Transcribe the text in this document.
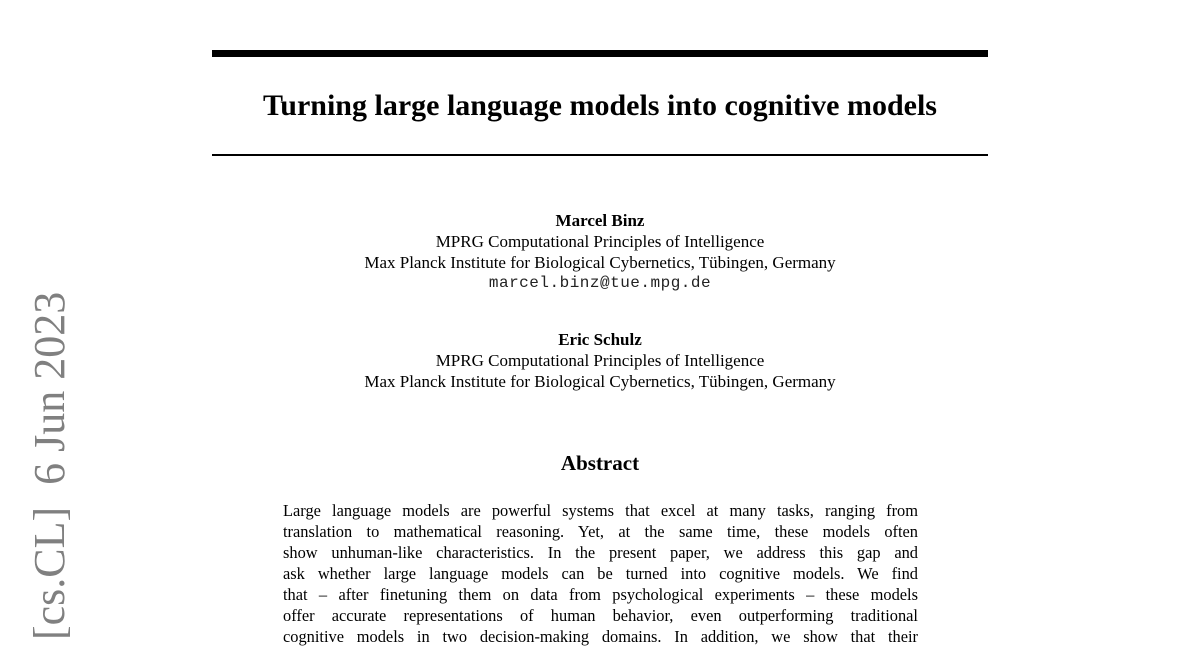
Turning large language models into cognitive models
Marcel Binz
MPRG Computational Principles of Intelligence
Max Planck Institute for Biological Cybernetics, Tübingen, Germany
marcel.binz@tue.mpg.de
Eric Schulz
MPRG Computational Principles of Intelligence
Max Planck Institute for Biological Cybernetics, Tübingen, Germany
Abstract

Large language models are powerful systems that excel at many tasks, ranging from
translation to mathematical reasoning. Yet, at the same time, these models often
show unhuman-like characteristics. In the present paper, we address this gap and
ask whether large language models can be turned into cognitive models. We find
that – after finetuning them on data from psychological experiments – these models
offer accurate representations of human behavior, even outperforming traditional
cognitive models in two decision-making domains. In addition, we show that their

[cs.CL]6 Jun 2023
